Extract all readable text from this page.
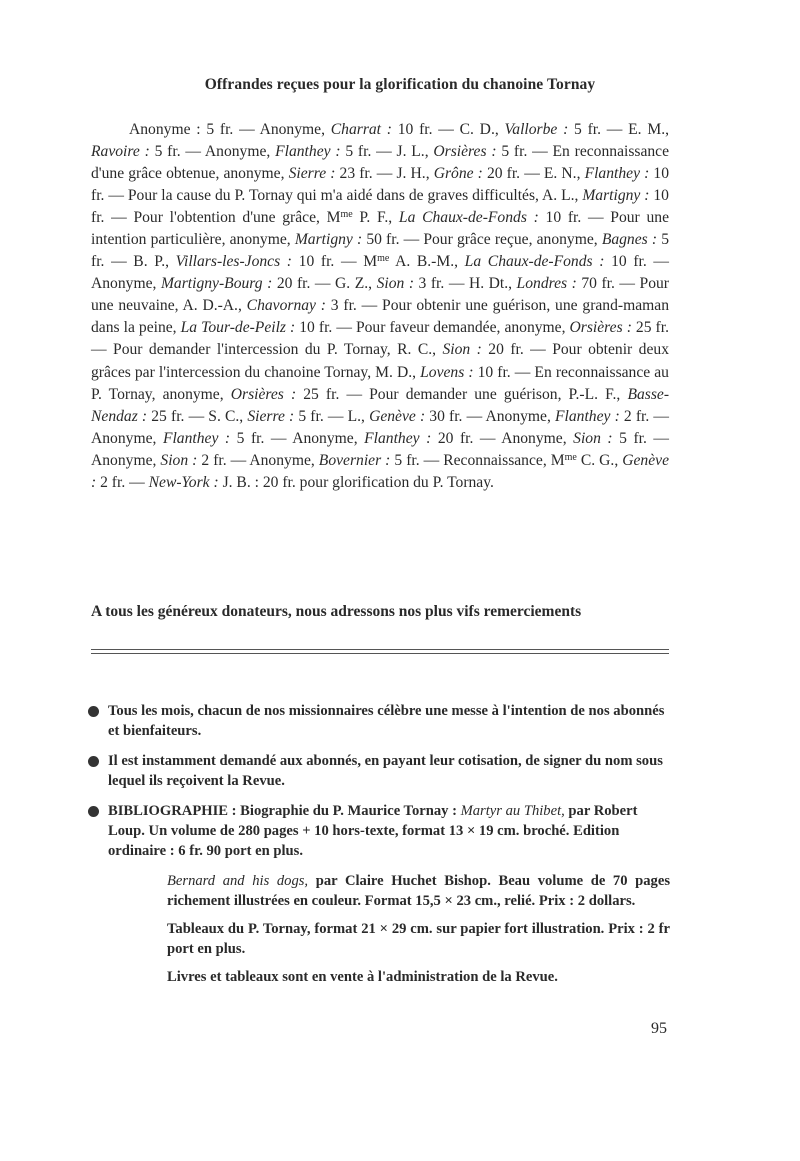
Offrandes reçues pour la glorification du chanoine Tornay

Anonyme : 5 fr. — Anonyme, Charrat : 10 fr. — C. D., Vallorbe : 5 fr. — E. M., Ravoire : 5 fr. — Anonyme, Flanthey : 5 fr. — J. L., Orsières : 5 fr. — En reconnaissance d'une grâce obtenue, anonyme, Sierre : 23 fr. — J. H., Grône : 20 fr. — E. N., Flanthey : 10 fr. — Pour la cause du P. Tornay qui m'a aidé dans de graves difficultés, A. L., Martigny : 10 fr. — Pour l'obtention d'une grâce, $M^{me}$ P. F., La Chaux-de-Fonds : 10 fr. — Pour une intention particulière, anonyme, Martigny : 50 fr. — Pour grâce reçue, anonyme, Bagnes : 5 fr. — B. P., Villars-les-Joncs : 10 fr. — $M^{me}$ A. B.-M., La Chaux-de-Fonds : 10 fr. — Anonyme, Martigny-Bourg : 20 fr. — G. Z., Sion : 3 fr. — H. Dt., Londres : 70 fr. — Pour une neuvaine, A. D.-A., Chavornay : 3 fr. — Pour obtenir une guérison, une grand-maman dans la peine, La Tour-de-Peilz : 10 fr. — Pour faveur demandée, anonyme, Orsières : 25 fr. — Pour demander l'intercession du P. Tornay, R. C., Sion : 20 fr. — Pour obtenir deux grâces par l'intercession du chanoine Tornay, M. D., Lovens : 10 fr. — En reconnaissance au P. Tornay, anonyme, Orsières : 25 fr. — Pour demander une guérison, P.-L. F., Basse-Nendaz : 25 fr. — S. C., Sierre : 5 fr. — L., Genève : 30 fr. — Anonyme, Flanthey : 2 fr. — Anonyme, Flanthey : 5 fr. — Anonyme, Flanthey : 20 fr. — Anonyme, Sion : 5 fr. — Anonyme, Sion : 2 fr. — Anonyme, Bovernier : 5 fr. — Reconnaissance, $M^{me}$ C. G., Genève : 2 fr. — New-York : J. B. : 20 fr. pour glorification du P. Tornay.

A tous les généreux donateurs, nous adressons nos plus vifs remerciements
Tous les mois, chacun de nos missionnaires célèbre une messe à l'intention de nos abonnés et bienfaiteurs.
Il est instamment demandé aux abonnés, en payant leur cotisation, de signer du nom sous lequel ils reçoivent la Revue.
BIBLIOGRAPHIE : Biographie du P. Maurice Tornay : Martyr au Thibet, par Robert Loup. Un volume de 280 pages + 10 hors-texte, format 13 × 19 cm. broché. Edition ordinaire : 6 fr. 90 port en plus.

Bernard and his dogs, par Claire Huchet Bishop. Beau volume de 70 pages richement illustrées en couleur. Format 15,5 × 23 cm., relié. Prix : 2 dollars.

Tableaux du P. Tornay, format 21 × 29 cm. sur papier fort illustration. Prix : 2 fr port en plus.

Livres et tableaux sont en vente à l'administration de la Revue.

95
